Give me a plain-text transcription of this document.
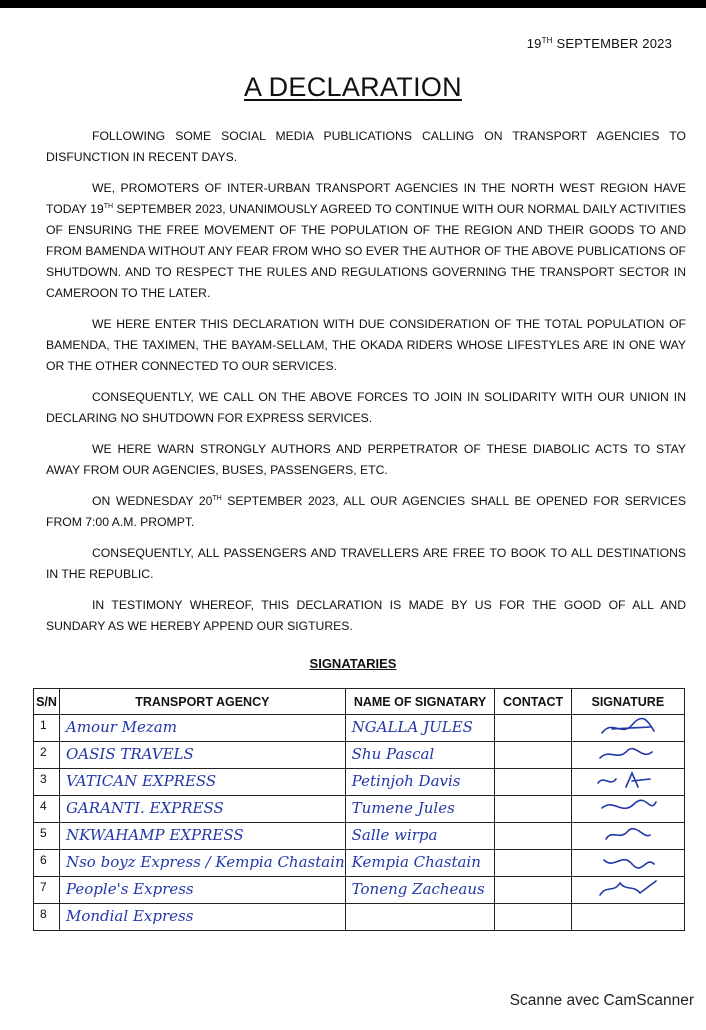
19TH SEPTEMBER 2023
A DECLARATION

FOLLOWING SOME SOCIAL MEDIA PUBLICATIONS CALLING ON TRANSPORT AGENCIES TO DISFUNCTION IN RECENT DAYS.

WE, PROMOTERS OF INTER-URBAN TRANSPORT AGENCIES IN THE NORTH WEST REGION HAVE TODAY 19TH SEPTEMBER 2023, UNANIMOUSLY AGREED TO CONTINUE WITH OUR NORMAL DAILY ACTIVITIES OF ENSURING THE FREE MOVEMENT OF THE POPULATION OF THE REGION AND THEIR GOODS TO AND FROM BAMENDA WITHOUT ANY FEAR FROM WHO SO EVER THE AUTHOR OF THE ABOVE PUBLICATIONS OF SHUTDOWN. AND TO RESPECT THE RULES AND REGULATIONS GOVERNING THE TRANSPORT SECTOR IN CAMEROON TO THE LATER.

WE HERE ENTER THIS DECLARATION WITH DUE CONSIDERATION OF THE TOTAL POPULATION OF BAMENDA, THE TAXIMEN, THE BAYAM-SELLAM, THE OKADA RIDERS WHOSE LIFESTYLES ARE IN ONE WAY OR THE OTHER CONNECTED TO OUR SERVICES.

CONSEQUENTLY, WE CALL ON THE ABOVE FORCES TO JOIN IN SOLIDARITY WITH OUR UNION IN DECLARING NO SHUTDOWN FOR EXPRESS SERVICES.

WE HERE WARN STRONGLY AUTHORS AND PERPETRATOR OF THESE DIABOLIC ACTS TO STAY AWAY FROM OUR AGENCIES, BUSES, PASSENGERS, ETC.

ON WEDNESDAY 20TH SEPTEMBER 2023, ALL OUR AGENCIES SHALL BE OPENED FOR SERVICES FROM 7:00 A.M. PROMPT.

CONSEQUENTLY, ALL PASSENGERS AND TRAVELLERS ARE FREE TO BOOK TO ALL DESTINATIONS IN THE REPUBLIC.

IN TESTIMONY WHEREOF, THIS DECLARATION IS MADE BY US FOR THE GOOD OF ALL AND SUNDARY AS WE HEREBY APPEND OUR SIGTURES.

SIGNATARIES
S/N	TRANSPORT AGENCY	NAME OF SIGNATARY	CONTACT	SIGNATURE
1	Amour Mezam	NGALLA JULES		

2	OASIS TRAVELS	Shu Pascal		

3	VATICAN EXPRESS	Petinjoh Davis		

4	GARANTI. EXPRESS	Tumene Jules		

5	NKWAHAMP EXPRESS	Salle wirpa		

6	Nso boyz Express / Kempia Chastain	Kempia Chastain		

7	People's Express	Toneng Zacheaus		

8	Mondial Express			
Scanne avec CamScanner
